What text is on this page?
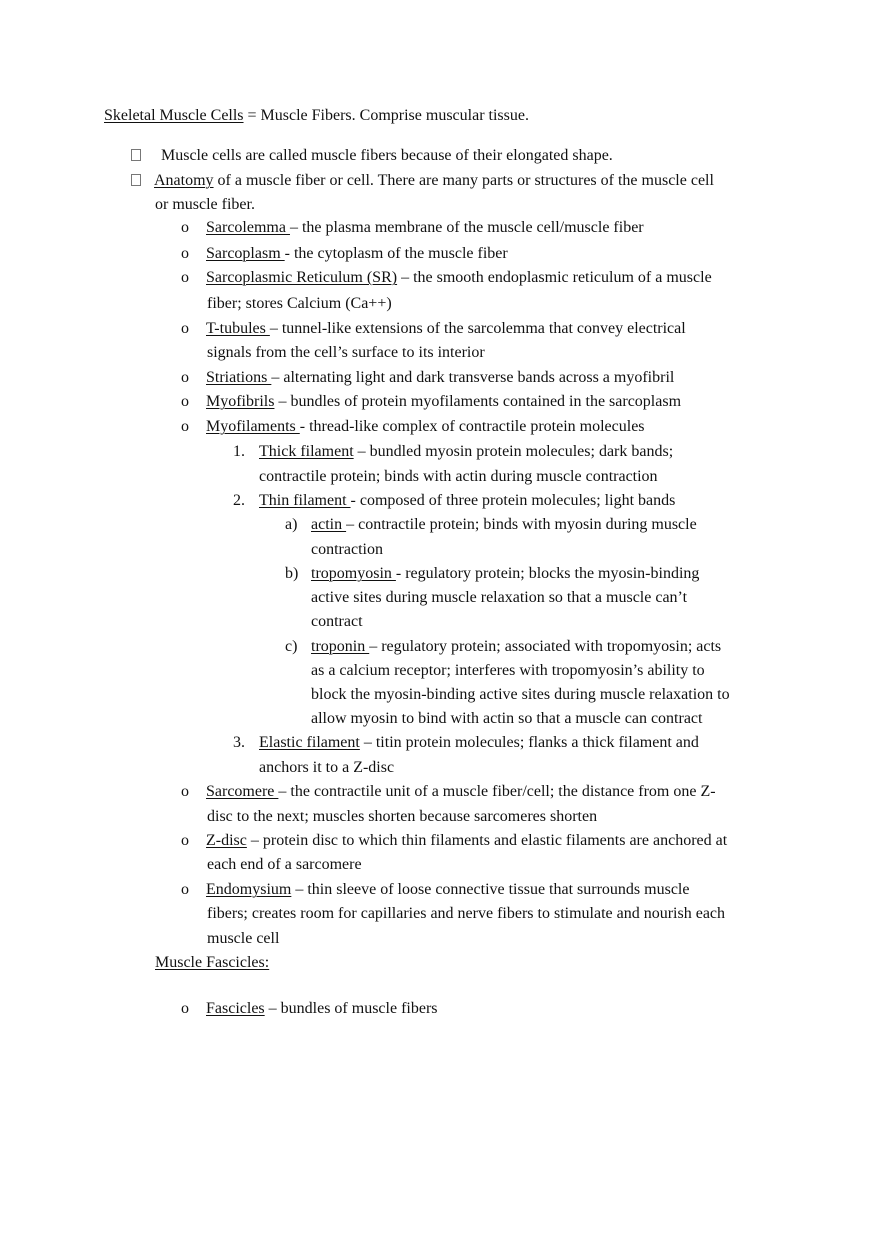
Skeletal Muscle Cells = Muscle Fibers. Comprise muscular tissue.
Muscle cells are called muscle fibers because of their elongated shape.
Anatomy of a muscle fiber or cell. There are many parts or structures of the muscle cell
or muscle fiber.
o Sarcolemma – the plasma membrane of the muscle cell/muscle fiber
o Sarcoplasm - the cytoplasm of the muscle fiber
o Sarcoplasmic Reticulum (SR) – the smooth endoplasmic reticulum of a muscle
fiber; stores Calcium (Ca++)
o T-tubules – tunnel-like extensions of the sarcolemma that convey electrical
signals from the cell’s surface to its interior
o Striations – alternating light and dark transverse bands across a myofibril
o Myofibrils – bundles of protein myofilaments contained in the sarcoplasm
o Myofilaments - thread-like complex of contractile protein molecules
1. Thick filament – bundled myosin protein molecules; dark bands;
contractile protein; binds with actin during muscle contraction
2. Thin filament - composed of three protein molecules; light bands
a) actin – contractile protein; binds with myosin during muscle
contraction
b) tropomyosin - regulatory protein; blocks the myosin-binding
active sites during muscle relaxation so that a muscle can’t
contract
c) troponin – regulatory protein; associated with tropomyosin; acts
as a calcium receptor; interferes with tropomyosin’s ability to
block the myosin-binding active sites during muscle relaxation to
allow myosin to bind with actin so that a muscle can contract
3. Elastic filament – titin protein molecules; flanks a thick filament and
anchors it to a Z-disc
o Sarcomere – the contractile unit of a muscle fiber/cell; the distance from one Z-
disc to the next; muscles shorten because sarcomeres shorten
o Z-disc – protein disc to which thin filaments and elastic filaments are anchored at
each end of a sarcomere
o Endomysium – thin sleeve of loose connective tissue that surrounds muscle
fibers; creates room for capillaries and nerve fibers to stimulate and nourish each
muscle cell
Muscle Fascicles:
o Fascicles – bundles of muscle fibers
